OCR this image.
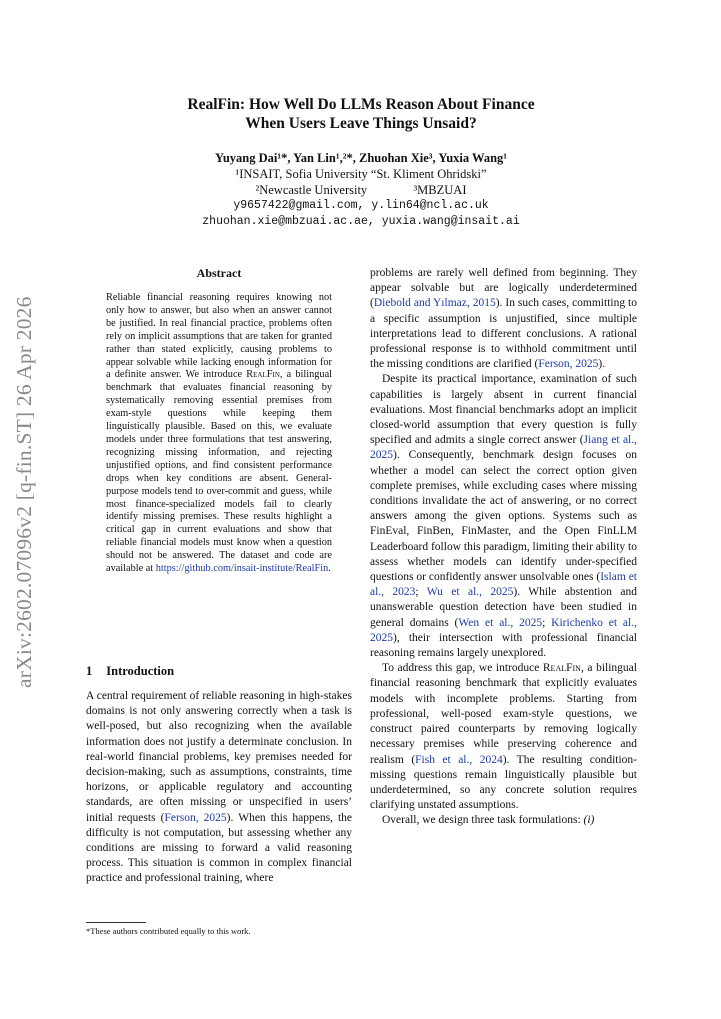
arXiv:2602.07096v2 [q-fin.ST] 26 Apr 2026
RealFin: How Well Do LLMs Reason About Finance
When Users Leave Things Unsaid?
Yuyang Dai¹*, Yan Lin¹,²*, Zhuohan Xie³, Yuxia Wang¹
¹INSAIT, Sofia University “St. Kliment Ohridski”
²Newcastle University	³MBZUAI
y9657422@gmail.com, y.lin64@ncl.ac.uk
zhuohan.xie@mbzuai.ac.ae, yuxia.wang@insait.ai
Abstract
Reliable financial reasoning requires knowing not only how to answer, but also when an answer cannot be justified. In real financial practice, problems often rely on implicit assumptions that are taken for granted rather than stated explicitly, causing problems to appear solvable while lacking enough information for a definite answer. We introduce RealFin, a bilingual benchmark that evaluates financial reasoning by systematically removing essential premises from exam-style questions while keeping them linguistically plausible. Based on this, we evaluate models under three formulations that test answering, recognizing missing information, and rejecting unjustified options, and find consistent performance drops when key conditions are absent. General-purpose models tend to over-commit and guess, while most finance-specialized models fail to clearly identify missing premises. These results highlight a critical gap in current evaluations and show that reliable financial models must know when a question should not be answered. The dataset and code are available at https://github.com/insait-institute/RealFin.
1 Introduction

A central requirement of reliable reasoning in high-stakes domains is not only answering correctly when a task is well-posed, but also recognizing when the available information does not justify a determinate conclusion. In real-world financial problems, key premises needed for decision-making, such as assumptions, constraints, time horizons, or applicable regulatory and accounting standards, are often missing or unspecified in users’ initial requests (Ferson, 2025). When this happens, the difficulty is not computation, but assessing whether any conditions are missing to forward a valid reasoning process. This situation is common in complex financial practice and professional training, where

problems are rarely well defined from beginning. They appear solvable but are logically underdetermined (Diebold and Yılmaz, 2015). In such cases, committing to a specific assumption is unjustified, since multiple interpretations lead to different conclusions. A rational professional response is to withhold commitment until the missing conditions are clarified (Ferson, 2025).

Despite its practical importance, examination of such capabilities is largely absent in current financial evaluations. Most financial benchmarks adopt an implicit closed-world assumption that every question is fully specified and admits a single correct answer (Jiang et al., 2025). Consequently, benchmark design focuses on whether a model can select the correct option given complete premises, while excluding cases where missing conditions invalidate the act of answering, or no correct answers among the given options. Systems such as FinEval, FinBen, FinMaster, and the Open FinLLM Leaderboard follow this paradigm, limiting their ability to assess whether models can identify under-specified questions or confidently answer unsolvable ones (Islam et al., 2023; Wu et al., 2025). While abstention and unanswerable question detection have been studied in general domains (Wen et al., 2025; Kirichenko et al., 2025), their intersection with professional financial reasoning remains largely unexplored.

To address this gap, we introduce RealFin, a bilingual financial reasoning benchmark that explicitly evaluates models with incomplete problems. Starting from professional, well-posed exam-style questions, we construct paired counterparts by removing logically necessary premises while preserving coherence and realism (Fish et al., 2024). The resulting condition-missing questions remain linguistically plausible but underdetermined, so any concrete solution requires clarifying unstated assumptions.

Overall, we design three task formulations: (i)

*These authors contributed equally to this work.
